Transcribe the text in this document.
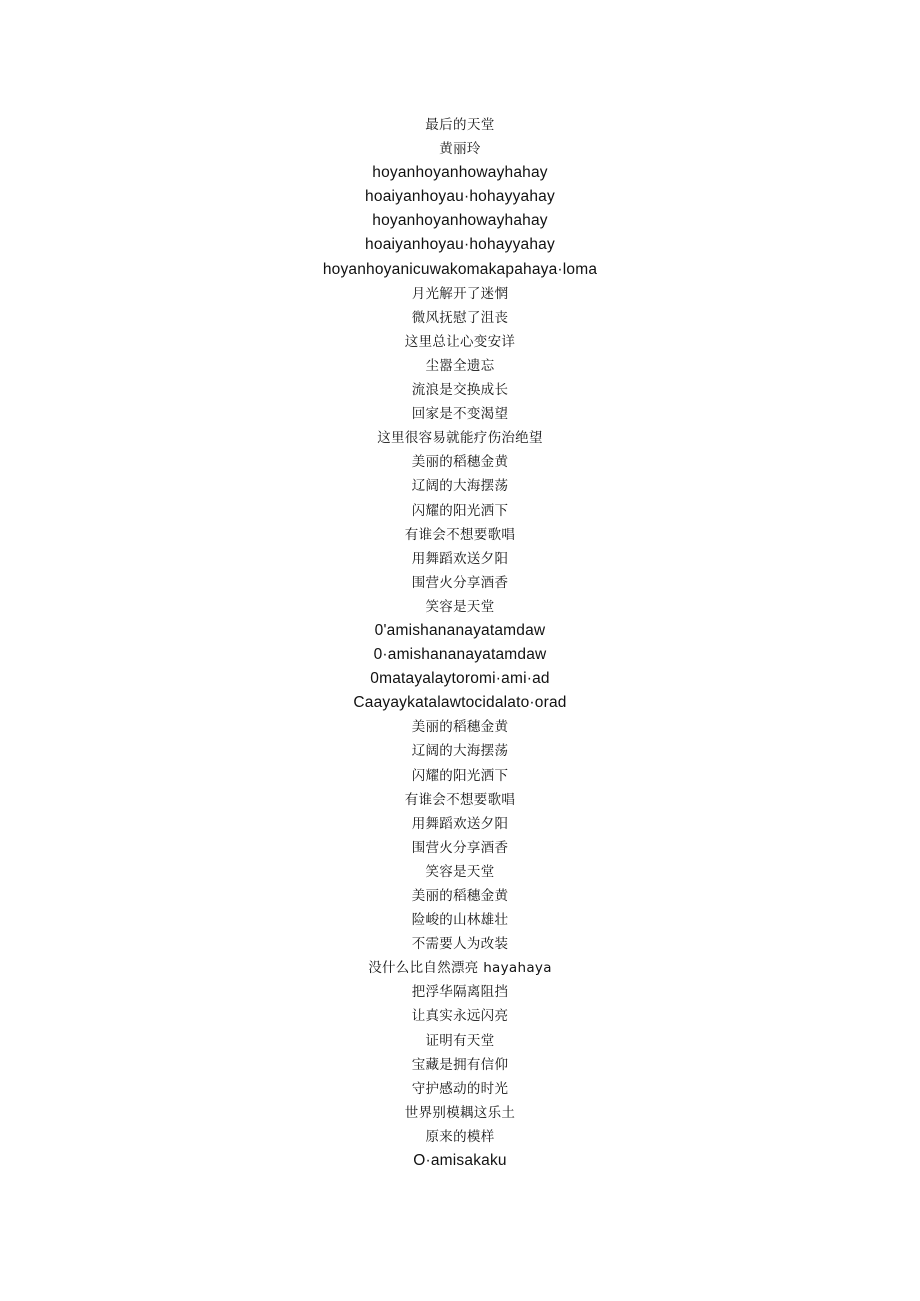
最后的天堂
黄丽玲
hoyanhoyanhowayhahay
hoaiyanhoyau·hohayyahay
hoyanhoyanhowayhahay
hoaiyanhoyau·hohayyahay
hoyanhoyanicuwakomakapahaya·loma
月光解开了迷惘
微风抚慰了沮丧
这里总让心变安详
尘嚣全遗忘
流浪是交换成长
回家是不变渴望
这里很容易就能疗伤治绝望
美丽的稻穗金黄
辽阔的大海摆荡
闪耀的阳光洒下
有谁会不想要歌唱
用舞蹈欢送夕阳
围营火分享酒香
笑容是天堂
0'amishananayatamdaw
0·amishananayatamdaw
0matayalaytoromi·ami·ad
Caayaykatalawtocidalato·orad
美丽的稻穗金黄
辽阔的大海摆荡
闪耀的阳光洒下
有谁会不想要歌唱
用舞蹈欢送夕阳
围营火分享酒香
笑容是天堂
美丽的稻穗金黄
险峻的山林雄壮
不需要人为改装
没什么比自然漂亮 hayahaya
把浮华隔离阻挡
让真实永远闪亮
证明有天堂
宝藏是拥有信仰
守护感动的时光
世界别模耦这乐土
原来的模样
O·amisakaku
